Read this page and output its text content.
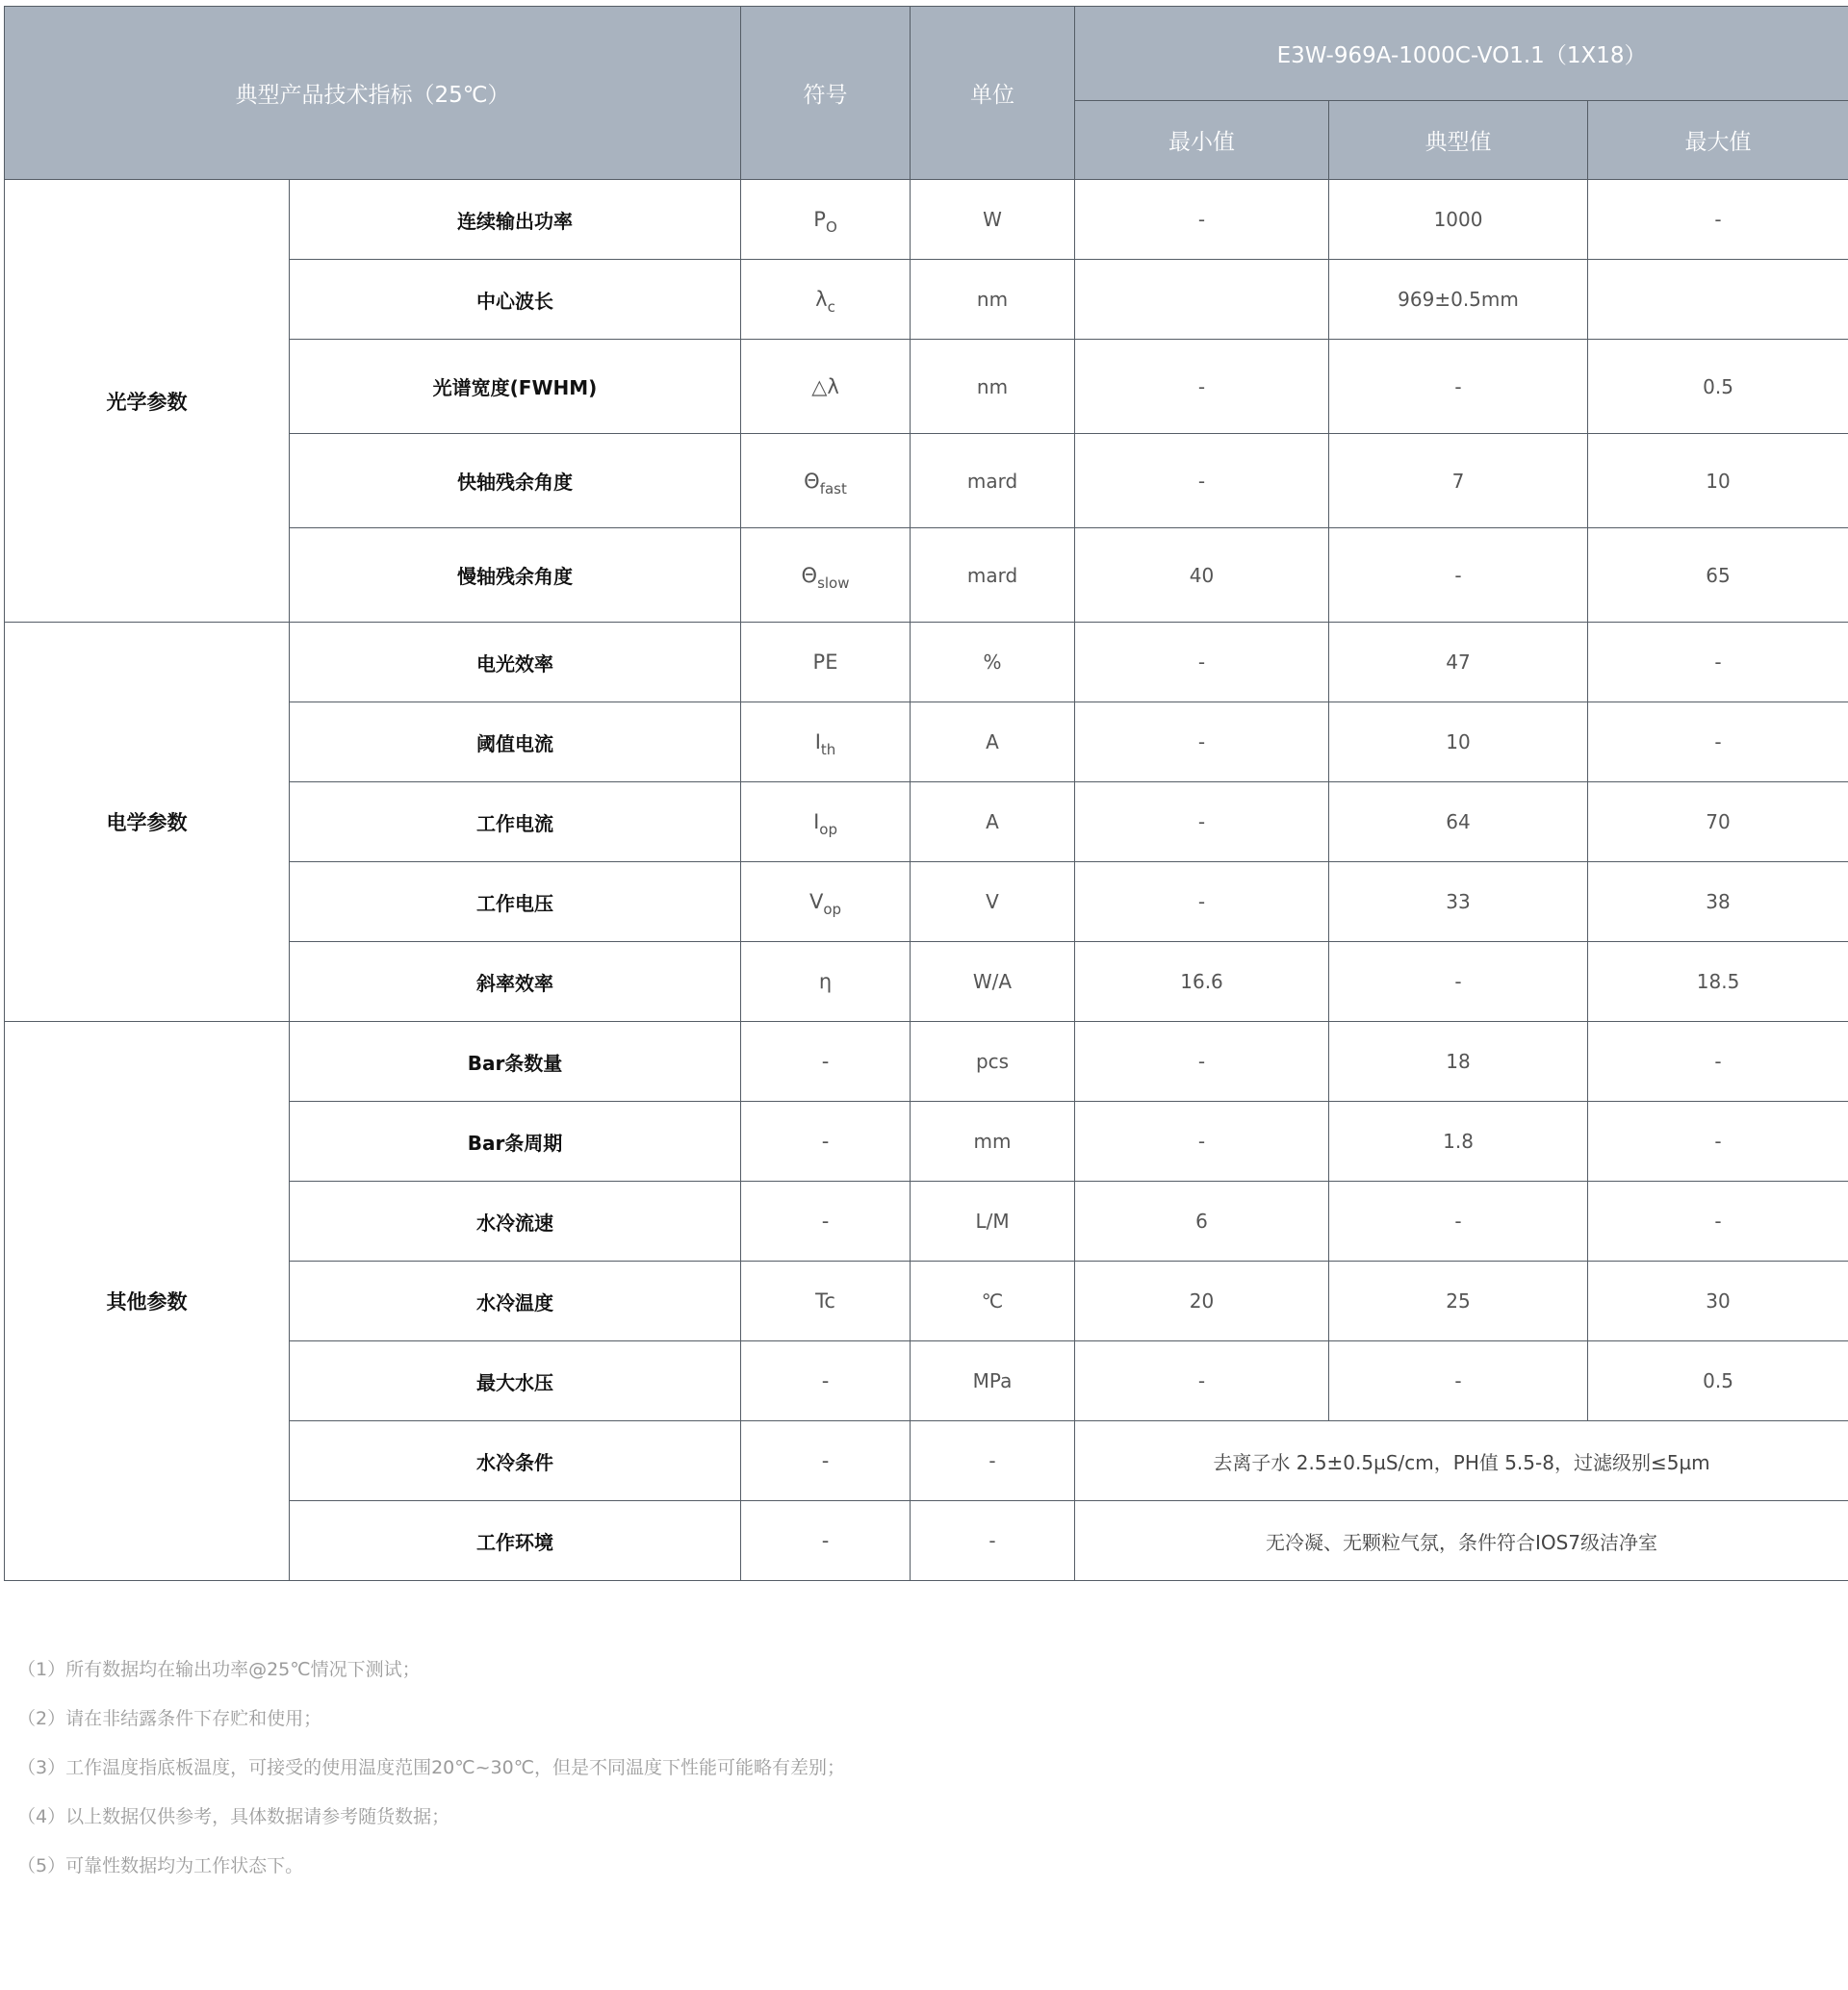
典型产品技术指标（25℃）		符号	单位	E3W-969A-1000C-VO1.1（1X18）		
				最小值	典型值	最大值
光学参数	连续输出功率	$P_O$	W	-	1000	-
	中心波长	$\lambda_c$	nm		969±0.5mm	
	光谱宽度(FWHM)	△λ	nm	-	-	0.5
	快轴残余角度	$\Theta_{fast}$	mard	-	7	10
	慢轴残余角度	$\Theta_{slow}$	mard	40	-	65
电学参数	电光效率	PE	%	-	47	-
	阈值电流	$I_{th}$	A	-	10	-
	工作电流	$I_{op}$	A	-	64	70
	工作电压	$V_{op}$	V	-	33	38
	斜率效率	η	W/A	16.6	-	18.5
其他参数	Bar条数量	-	pcs	-	18	-
	Bar条周期	-	mm	-	1.8	-
	水冷流速	-	L/M	6	-	-
	水冷温度	Tc	℃	20	25	30
	最大水压	-	MPa	-	-	0.5
	水冷条件	-	-	去离子水 2.5±0.5µS/cm，PH值 5.5-8，过滤级别≤5µm		
	工作环境	-	-	无冷凝、无颗粒气氛，条件符合IOS7级洁净室		
（1）所有数据均在输出功率@25℃情况下测试；
（2）请在非结露条件下存贮和使用；
（3）工作温度指底板温度，可接受的使用温度范围20℃~30℃，但是不同温度下性能可能略有差别；
（4）以上数据仅供参考，具体数据请参考随货数据；
（5）可靠性数据均为工作状态下。
